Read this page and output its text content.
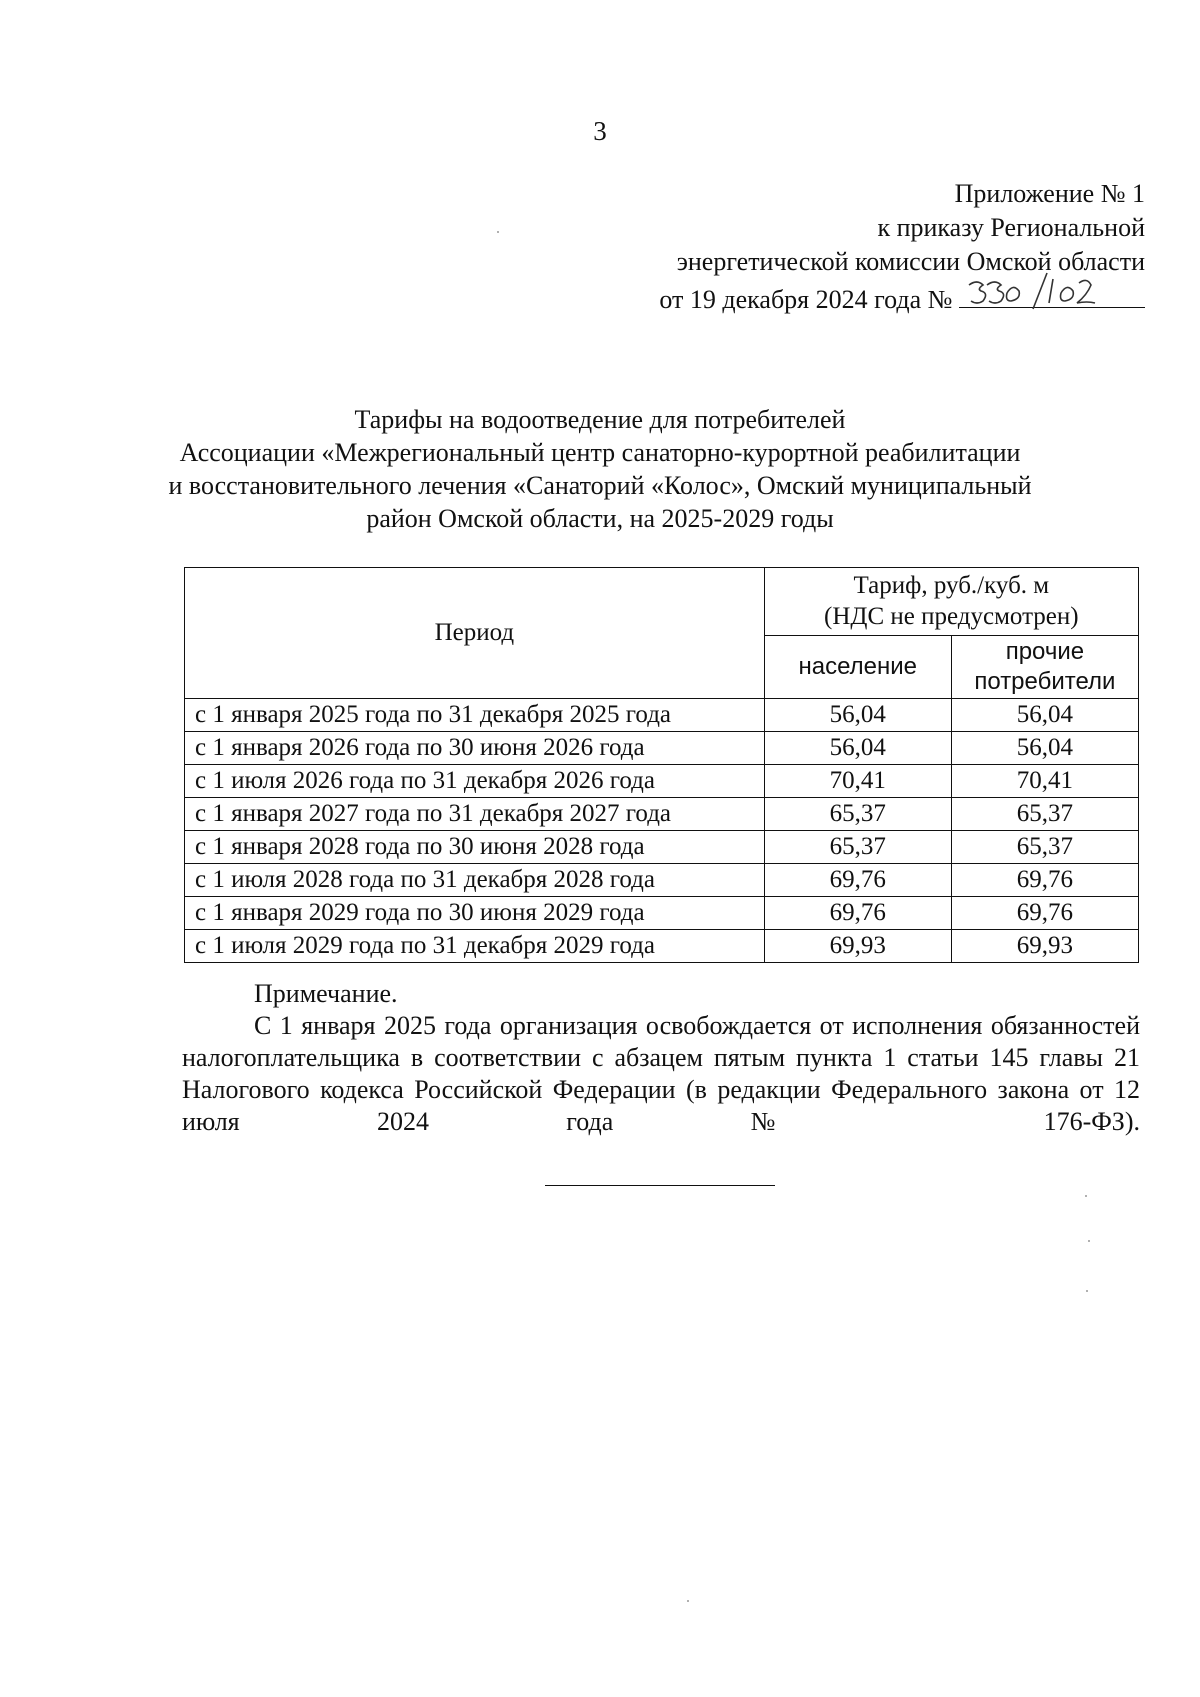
3
Приложение № 1
к приказу Региональной
энергетической комиссии Омской области
от 19 декабря 2024 года №
Тарифы на водоотведение для потребителей
Ассоциации «Межрегиональный центр санаторно-курортной реабилитации
и восстановительного лечения «Санаторий «Колос», Омский муниципальный
район Омской области, на 2025-2029 годы
Период	Тариф, руб./куб. м
(НДС не предусмотрен)	
	население	прочие
потребители
с 1 января 2025 года по 31 декабря 2025 года	56,04	56,04
с 1 января 2026 года по 30 июня 2026 года	56,04	56,04
с 1 июля 2026 года по 31 декабря 2026 года	70,41	70,41
с 1 января 2027 года по 31 декабря 2027 года	65,37	65,37
с 1 января 2028 года по 30 июня 2028 года	65,37	65,37
с 1 июля 2028 года по 31 декабря 2028 года	69,76	69,76
с 1 января 2029 года по 30 июня 2029 года	69,76	69,76
с 1 июля 2029 года по 31 декабря 2029 года	69,93	69,93
Примечание.
С 1 января 2025 года организация освобождается от исполнения обязанностей налогоплательщика в соответствии с абзацем пятым пункта 1 статьи 145 главы 21 Налогового кодекса Российской Федерации (в редакции Федерального закона от 12 июля 2024 года № 176-ФЗ).
